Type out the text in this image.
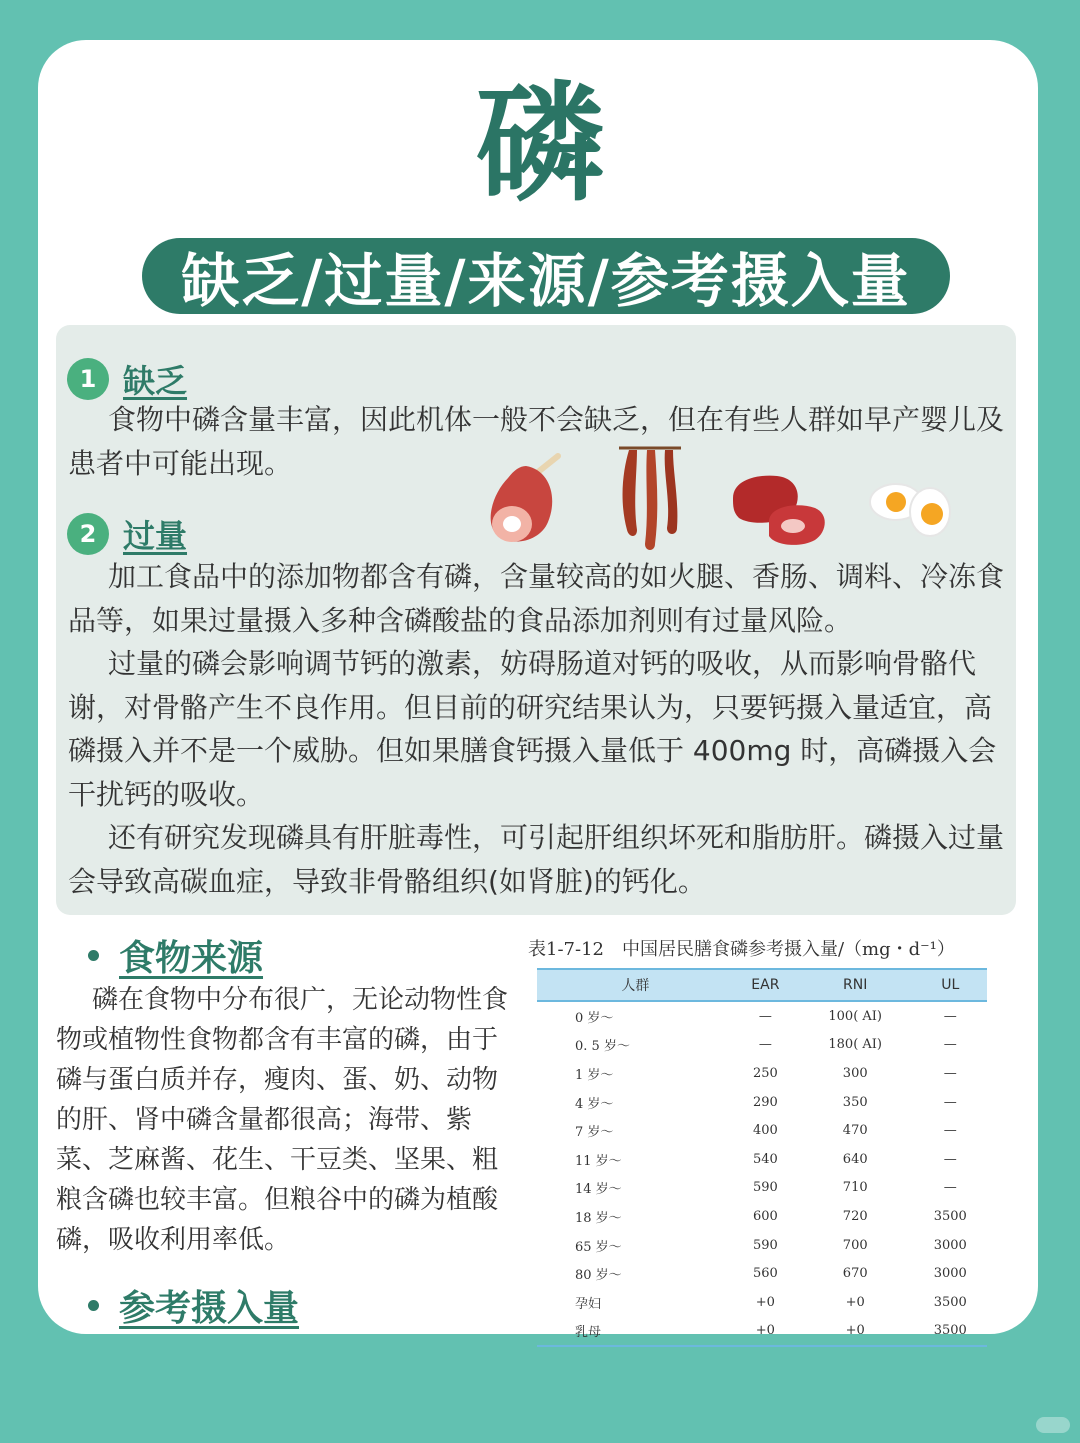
磷
缺乏/过量/来源/参考摄入量
1 缺乏

食物中磷含量丰富，因此机体一般不会缺乏，但在有些人群如早产婴儿及患者中可能出现。

2 过量

加工食品中的添加物都含有磷，含量较高的如火腿、香肠、调料、冷冻食品等，如果过量摄入多种含磷酸盐的食品添加剂则有过量风险。

过量的磷会影响调节钙的激素，妨碍肠道对钙的吸收，从而影响骨骼代谢，对骨骼产生不良作用。但目前的研究结果认为，只要钙摄入量适宜，高磷摄入并不是一个威胁。但如果膳食钙摄入量低于 400mg 时，高磷摄入会干扰钙的吸收。

还有研究发现磷具有肝脏毒性，可引起肝组织坏死和脂肪肝。磷摄入过量会导致高碳血症，导致非骨骼组织(如肾脏)的钙化。

食物来源

磷在食物中分布很广，无论动物性食物或植物性食物都含有丰富的磷，由于磷与蛋白质并存，瘦肉、蛋、奶、动物的肝、肾中磷含量都很高；海带、紫菜、芝麻酱、花生、干豆类、坚果、粗粮含磷也较丰富。但粮谷中的磷为植酸磷，吸收利用率低。

参考摄入量
表1-7-12　中国居民膳食磷参考摄入量/（mg・d⁻¹）
人群	EAR	RNI	UL
0 岁～	—	100( AI)	—
0. 5 岁～	—	180( AI)	—
1 岁～	250	300	—
4 岁～	290	350	—
7 岁～	400	470	—
11 岁～	540	640	—
14 岁～	590	710	—
18 岁～	600	720	3500
65 岁～	590	700	3000
80 岁～	560	670	3000
孕妇	+0	+0	3500
乳母	+0	+0	3500
